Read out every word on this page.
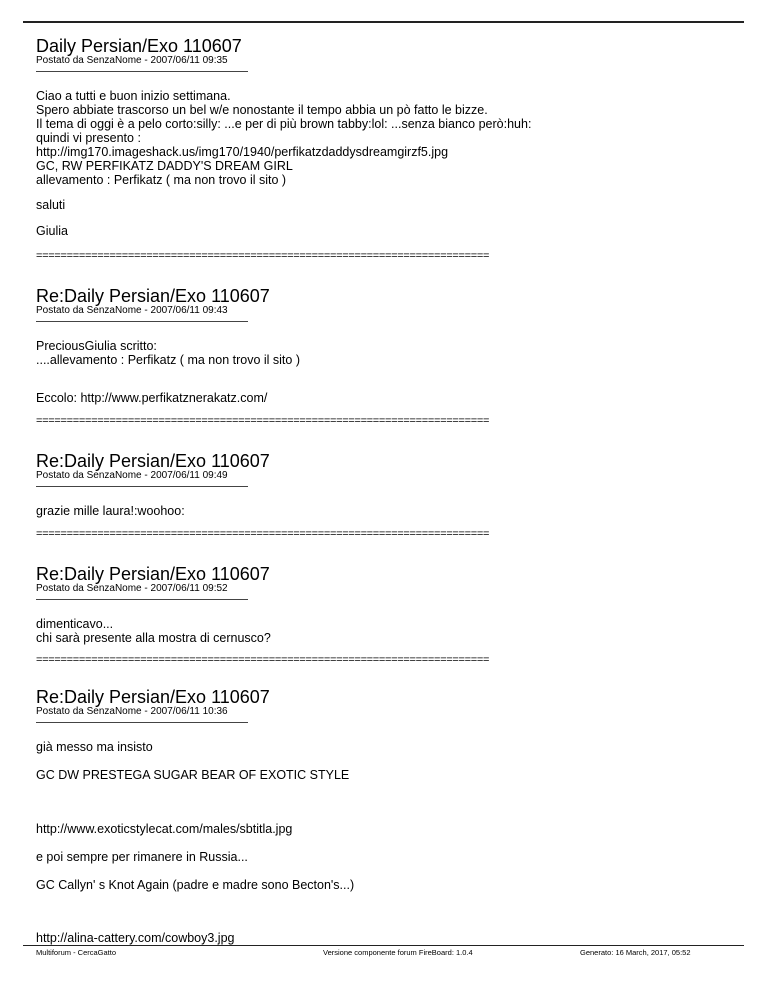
Daily Persian/Exo 110607
Postato da SenzaNome - 2007/06/11 09:35
Ciao a tutti e buon inizio settimana.
Spero abbiate trascorso un bel w/e nonostante il tempo abbia un pò fatto le bizze.
Il tema di oggi è a pelo corto:silly: ...e per di più brown tabby:lol: ...senza bianco però:huh:
quindi vi presento :
http://img170.imageshack.us/img170/1940/perfikatzdaddysdreamgirzf5.jpg
GC, RW PERFIKATZ DADDY'S DREAM GIRL
allevamento : Perfikatz ( ma non trovo il sito )
saluti
Giulia
==========================================================================
Re:Daily Persian/Exo 110607
Postato da SenzaNome - 2007/06/11 09:43
PreciousGiulia scritto:
....allevamento : Perfikatz ( ma non trovo il sito )
Eccolo: http://www.perfikatznerakatz.com/
==========================================================================
Re:Daily Persian/Exo 110607
Postato da SenzaNome - 2007/06/11 09:49
grazie mille laura!:woohoo:
==========================================================================
Re:Daily Persian/Exo 110607
Postato da SenzaNome - 2007/06/11 09:52
dimenticavo...
chi sarà presente alla mostra di cernusco?
==========================================================================
Re:Daily Persian/Exo 110607
Postato da SenzaNome - 2007/06/11 10:36
già messo ma insisto
GC DW PRESTEGA SUGAR BEAR OF EXOTIC STYLE
http://www.exoticstylecat.com/males/sbtitla.jpg
e poi sempre per rimanere in Russia...
GC Callyn' s Knot Again (padre e madre sono Becton's...)
http://alina-cattery.com/cowboy3.jpg
Multiforum - CercaGatto	Versione componente forum FireBoard: 1.0.4	Generato: 16 March, 2017, 05:52
